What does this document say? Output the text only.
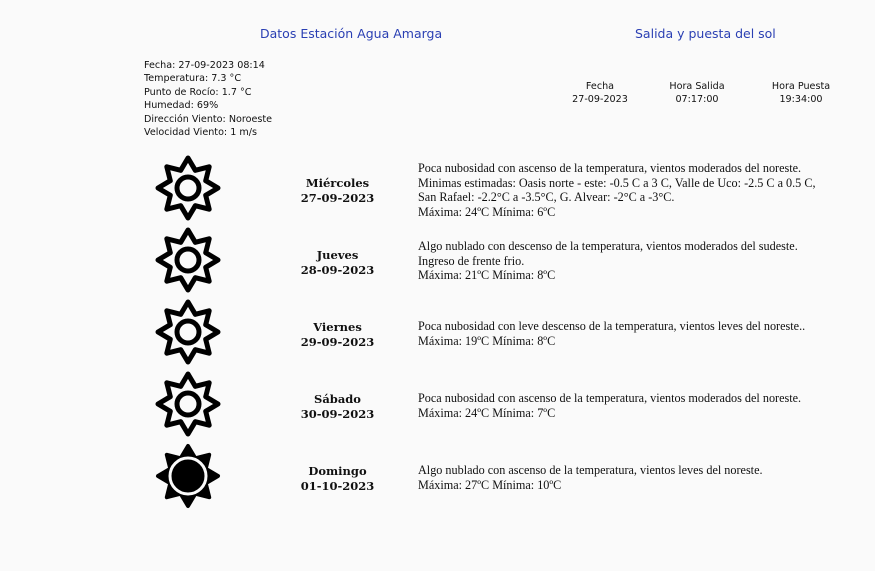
Datos Estación Agua Amarga	Salida y puesta del sol
Fecha: 27-09-2023 08:14
Temperatura: 7.3 °C
Punto de Rocío: 1.7 °C
Humedad: 69%
Dirección Viento: Noroeste
Velocidad Viento: 1 m/s
Fecha
27-09-2023
Hora Salida
07:17:00
Hora Puesta
19:34:00
Miércoles
27-09-2023
Poca nubosidad con ascenso de la temperatura, vientos moderados del noreste.
Minimas estimadas: Oasis norte - este: -0.5 C a 3 C, Valle de Uco: -2.5 C a 0.5 C,
San Rafael: -2.2°C a -3.5°C, G. Alvear: -2°C a -3°C.
Máxima: 24ºC Mínima: 6ºC
Jueves
28-09-2023
Algo nublado con descenso de la temperatura, vientos moderados del sudeste.
Ingreso de frente frio.
Máxima: 21ºC Mínima: 8ºC
Viernes
29-09-2023
Poca nubosidad con leve descenso de la temperatura, vientos leves del noreste..
Máxima: 19ºC Mínima: 8ºC
Sábado
30-09-2023
Poca nubosidad con ascenso de la temperatura, vientos moderados del noreste.
Máxima: 24ºC Mínima: 7ºC
Domingo
01-10-2023
Algo nublado con ascenso de la temperatura, vientos leves del noreste.
Máxima: 27ºC Mínima: 10ºC
